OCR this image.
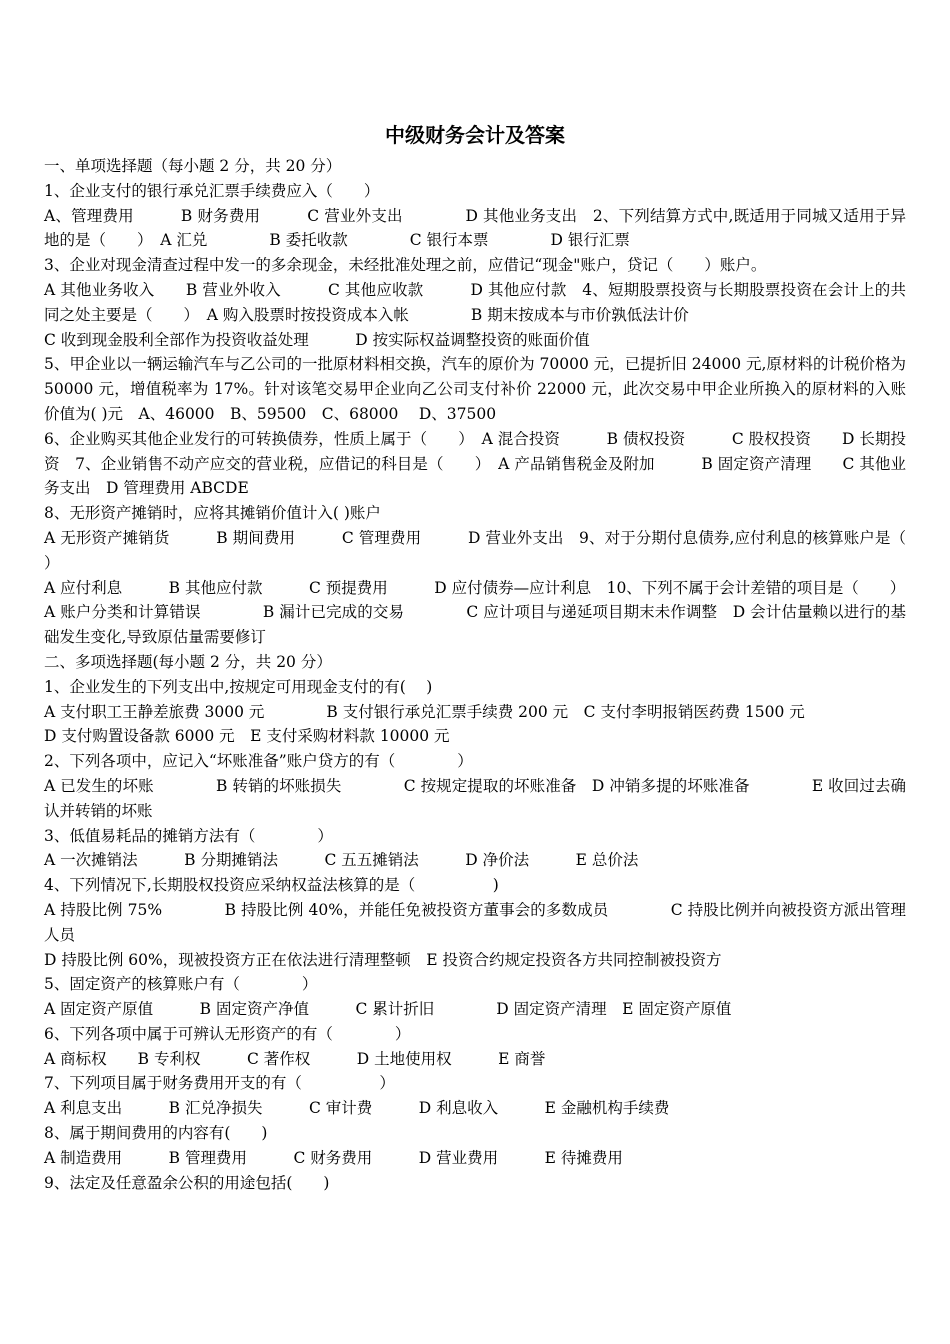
中级财务会计及答案

一、单项选择题（每小题 2 分，共 20 分）

1、企业支付的银行承兑汇票手续费应入（　　）

A、管理费用　　　B 财务费用　　　C 营业外支出　　　　D 其他业务支出　2、下列结算方式中,既适用于同城又适用于异地的是（　　）　A 汇兑　　　　B 委托收款　　　　C 银行本票　　　　D 银行汇票

3、企业对现金清查过程中发一的多余现金，未经批准处理之前，应借记“现金"账户，贷记（　　）账户。

A 其他业务收入　　B 营业外收入　　　C 其他应收款　　　D 其他应付款　4、短期股票投资与长期股票投资在会计上的共同之处主要是（　　）　A 购入股票时按投资成本入帐　　　　B 期末按成本与市价孰低法计价

C 收到现金股利全部作为投资收益处理　　　D 按实际权益调整投资的账面价值

5、甲企业以一辆运输汽车与乙公司的一批原材料相交换，汽车的原价为 70000 元，已提折旧 24000 元,原材料的计税价格为 50000 元，增值税率为 17%。针对该笔交易甲企业向乙公司支付补价 22000 元，此次交易中甲企业所换入的原材料的入账价值为( )元　A、46000　B、59500　C、68000　 D、37500

6、企业购买其他企业发行的可转换债券，性质上属于（　　）　A 混合投资　　　B 债权投资　　　C 股权投资　　D 长期投资　7、企业销售不动产应交的营业税，应借记的科目是（　　）　A 产品销售税金及附加　　　B 固定资产清理　　C 其他业务支出　D 管理费用 ABCDE

8、无形资产摊销时，应将其摊销价值计入( )账户

A 无形资产摊销货　　　B 期间费用　　　C 管理费用　　　D 营业外支出　9、对于分期付息债券,应付利息的核算账户是（　　）

A 应付利息　　　B 其他应付款　　　C 预提费用　　　D 应付债券—应计利息　10、下列不属于会计差错的项目是（　　）

A 账户分类和计算错误　　　　B 漏计已完成的交易　　　　C 应计项目与递延项目期末未作调整　D 会计估量赖以进行的基础发生变化,导致原估量需要修订

二、多项选择题(每小题 2 分，共 20 分）

1、企业发生的下列支出中,按规定可用现金支付的有(　 )

A 支付职工王静差旅费 3000 元　　　　B 支付银行承兑汇票手续费 200 元　C 支付李明报销医药费 1500 元

D 支付购置设备款 6000 元　E 支付采购材料款 10000 元

2、下列各项中，应记入“坏账准备”账户贷方的有（　　　　）

A 已发生的坏账　　　　B 转销的坏账损失　　　　C 按规定提取的坏账准备　D 冲销多提的坏账准备　　　　E 收回过去确认并转销的坏账

3、低值易耗品的摊销方法有（　　　　）

A 一次摊销法　　　B 分期摊销法　　　C 五五摊销法　　　D 净价法　　　E 总价法

4、下列情况下,长期股权投资应采纳权益法核算的是（　　　　　)

A 持股比例 75%　　　　B 持股比例 40%，并能任免被投资方董事会的多数成员　　　　C 持股比例并向被投资方派出管理人员

D 持股比例 60%，现被投资方正在依法进行清理整顿　E 投资合约规定投资各方共同控制被投资方

5、固定资产的核算账户有（　　　　）

A 固定资产原值　　　B 固定资产净值　　　C 累计折旧　　　　D 固定资产清理　E 固定资产原值

6、下列各项中属于可辨认无形资产的有（　　　　）

A 商标权　　B 专利权　　　C 著作权　　　D 土地使用权　　　E 商誉

7、下列项目属于财务费用开支的有（　　　　　）

A 利息支出　　　B 汇兑净损失　　　C 审计费　　　D 利息收入　　　E 金融机构手续费

8、属于期间费用的内容有(　　)

A 制造费用　　　B 管理费用　　　C 财务费用　　　D 营业费用　　　E 待摊费用

9、法定及任意盈余公积的用途包括(　　)
